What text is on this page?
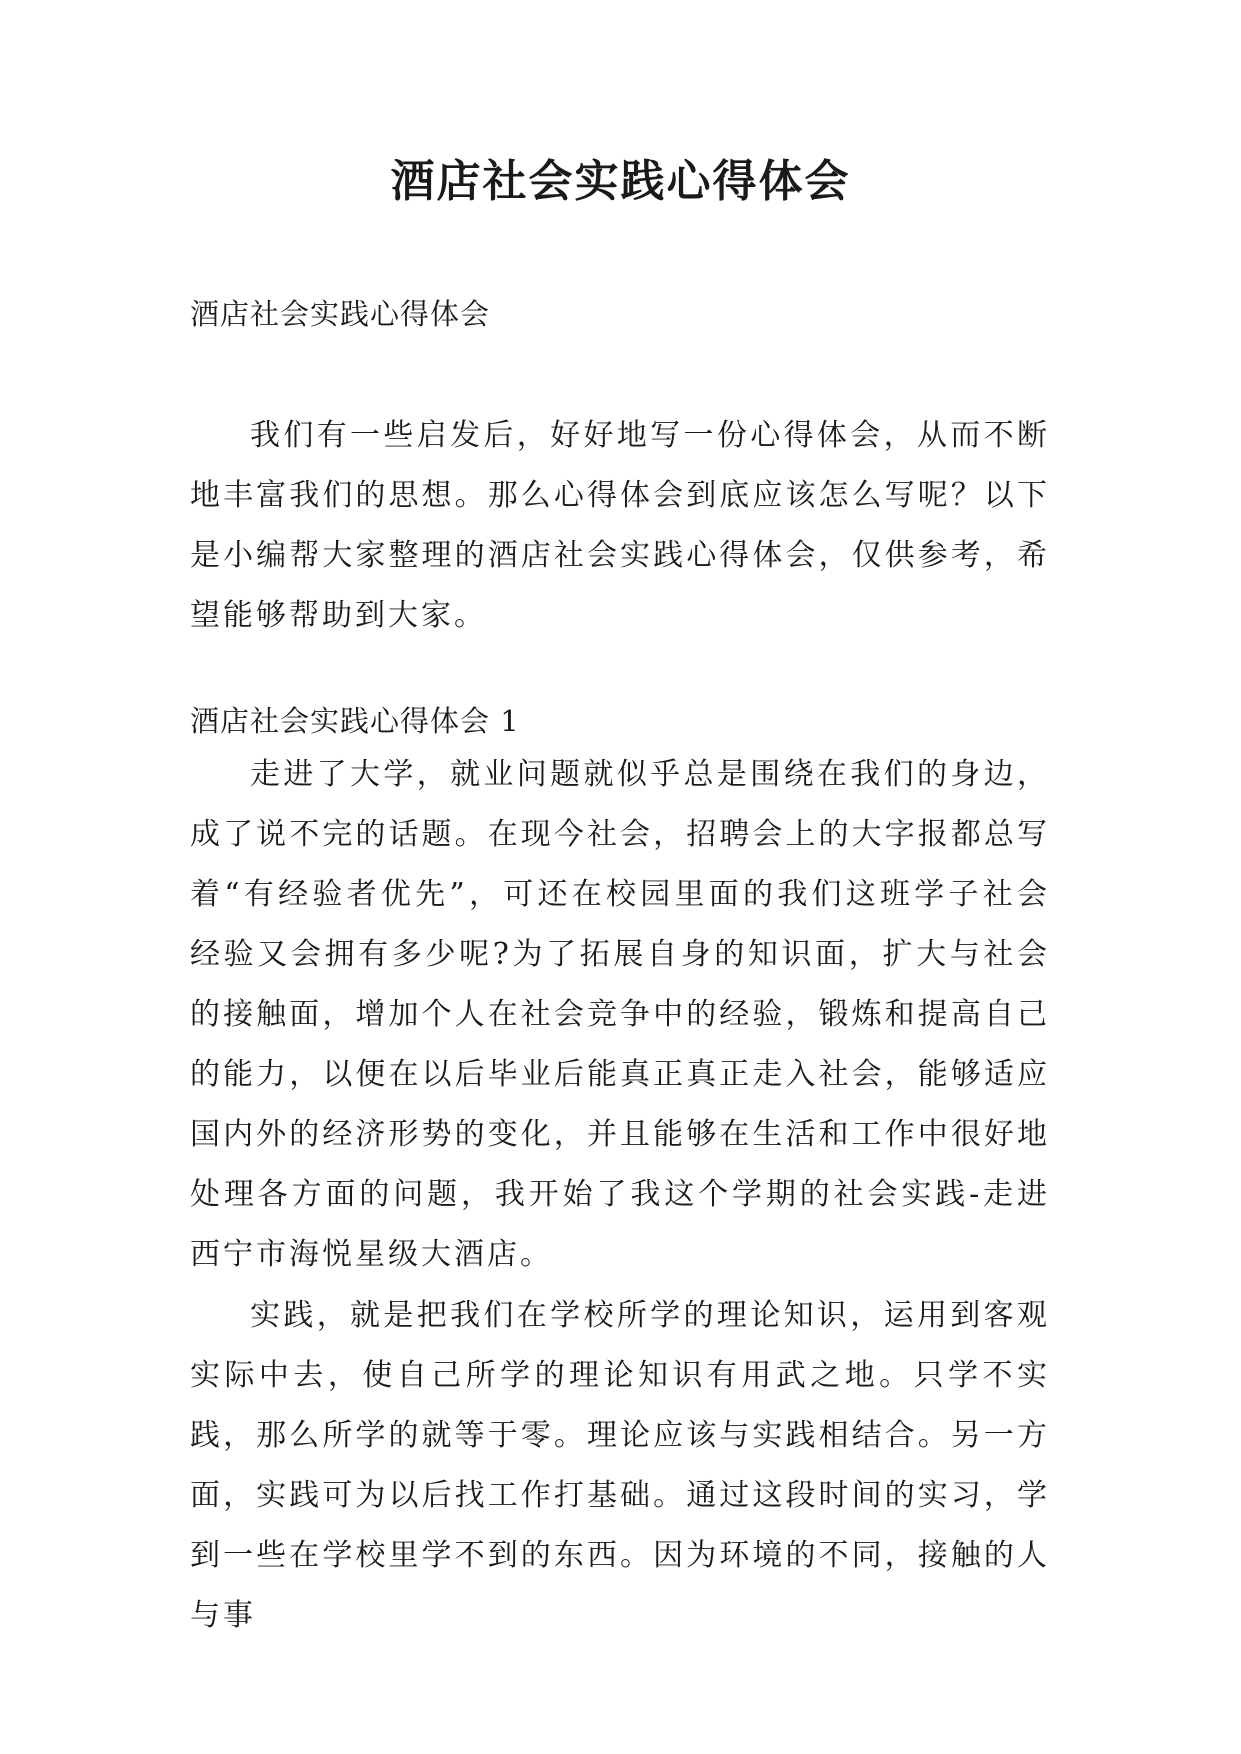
酒店社会实践心得体会

酒店社会实践心得体会

我们有一些启发后，好好地写一份心得体会，从而不断地丰富我们的思想。那么心得体会到底应该怎么写呢？以下是小编帮大家整理的酒店社会实践心得体会，仅供参考，希望能够帮助到大家。

酒店社会实践心得体会 1

走进了大学，就业问题就似乎总是围绕在我们的身边，成了说不完的话题。在现今社会，招聘会上的大字报都总写着“有经验者优先”，可还在校园里面的我们这班学子社会经验又会拥有多少呢?为了拓展自身的知识面，扩大与社会的接触面，增加个人在社会竞争中的经验，锻炼和提高自己的能力，以便在以后毕业后能真正真正走入社会，能够适应国内外的经济形势的变化，并且能够在生活和工作中很好地处理各方面的问题，我开始了我这个学期的社会实践-走进西宁市海悦星级大酒店。

实践，就是把我们在学校所学的理论知识，运用到客观实际中去，使自己所学的理论知识有用武之地。只学不实践，那么所学的就等于零。理论应该与实践相结合。另一方面，实践可为以后找工作打基础。通过这段时间的实习，学到一些在学校里学不到的东西。因为环境的不同，接触的人与事
